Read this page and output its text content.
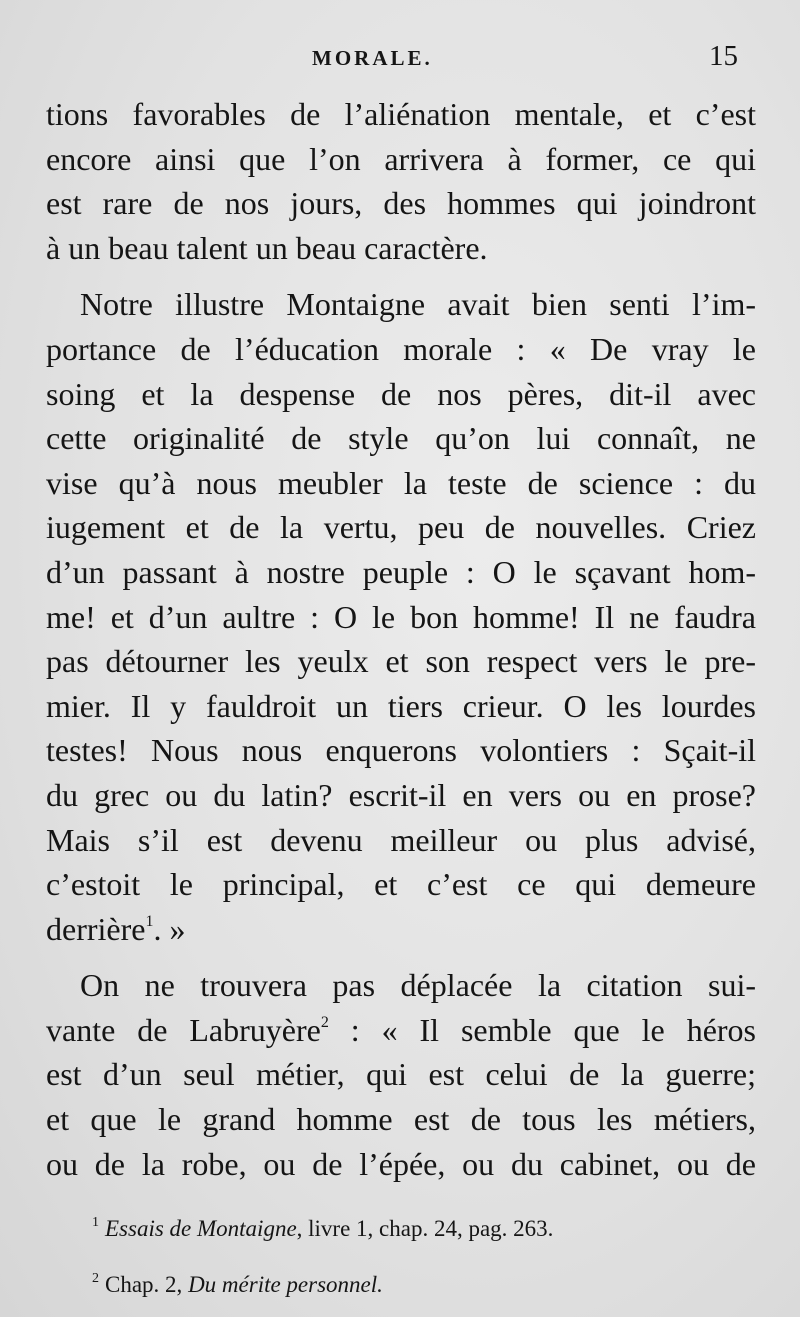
MORALE.	15
tions favorables de l’aliénation mentale, et c’est
encore ainsi que l’on arrivera à former, ce qui
est rare de nos jours, des hommes qui joindront
à un beau talent un beau caractère.
Notre illustre Montaigne avait bien senti l’im-
portance de l’éducation morale : « De vray le
soing et la despense de nos pères, dit-il avec
cette originalité de style qu’on lui connaît, ne
vise qu’à nous meubler la teste de science : du
iugement et de la vertu, peu de nouvelles. Criez
d’un passant à nostre peuple : O le sçavant hom-
me! et d’un aultre : O le bon homme! Il ne faudra
pas détourner les yeulx et son respect vers le pre-
mier. Il y fauldroit un tiers crieur. O les lourdes
testes! Nous nous enquerons volontiers : Sçait-il
du grec ou du latin? escrit-il en vers ou en prose?
Mais s’il est devenu meilleur ou plus advisé,
c’estoit le principal, et c’est ce qui demeure
derrière$^1$. »
On ne trouvera pas déplacée la citation sui-
vante de Labruyère$^2$ : « Il semble que le héros
est d’un seul métier, qui est celui de la guerre;
et que le grand homme est de tous les métiers,
ou de la robe, ou de l’épée, ou du cabinet, ou de
$^1$ Essais de Montaigne, livre 1, chap. 24, pag. 263.
$^2$ Chap. 2, Du mérite personnel.
